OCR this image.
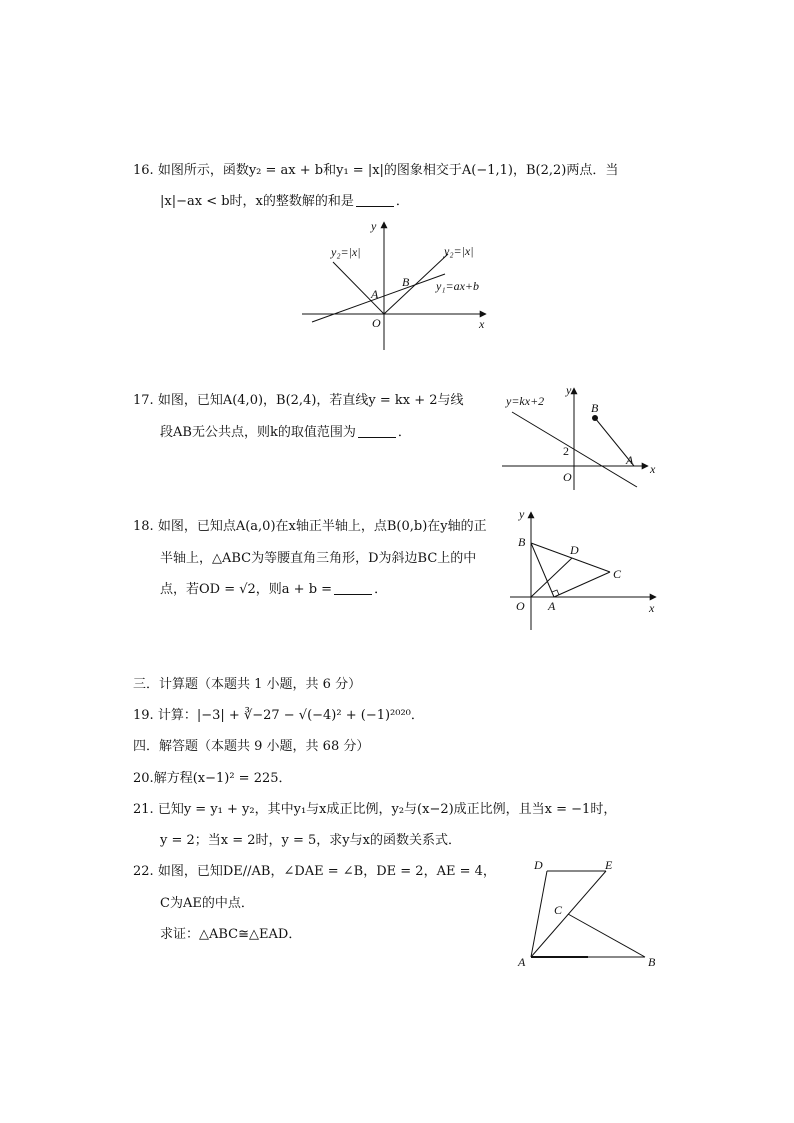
16. 如图所示，函数y₂ = ax + b和y₁ = |x|的图象相交于A(−1,1)，B(2,2)两点．当
|x|−ax < b时，x的整数解的和是	．
y
x
O
y₂=|x|	y₂=|x|
A
B y₁=ax+b
17. 如图，已知A(4,0)，B(2,4)，若直线y = kx + 2与线
段AB无公共点，则k的取值范围为	．
y
x
O
y=kx+2
2
A
B
18. 如图，已知点A(a,0)在x轴正半轴上，点B(0,b)在y轴的正
半轴上，△ABC为等腰直角三角形，D为斜边BC上的中
点，若OD = √2，则a + b =	．
y
x
O
B
D
C
A
三．计算题（本题共 1 小题，共 6 分）
19. 计算：|−3| + ∛−27 − √(−4)² + (−1)²⁰²⁰．
四．解答题（本题共 9 小题，共 68 分）
20.解方程(x−1)² = 225．
21. 已知y = y₁ + y₂，其中y₁与x成正比例，y₂与(x−2)成正比例，且当x = −1时，
y = 2；当x = 2时，y = 5，求y与x的函数关系式．
22. 如图，已知DE//AB，∠DAE = ∠B，DE = 2，AE = 4，
C为AE的中点．
求证：△ABC≅△EAD．
D	E
C
A	B
